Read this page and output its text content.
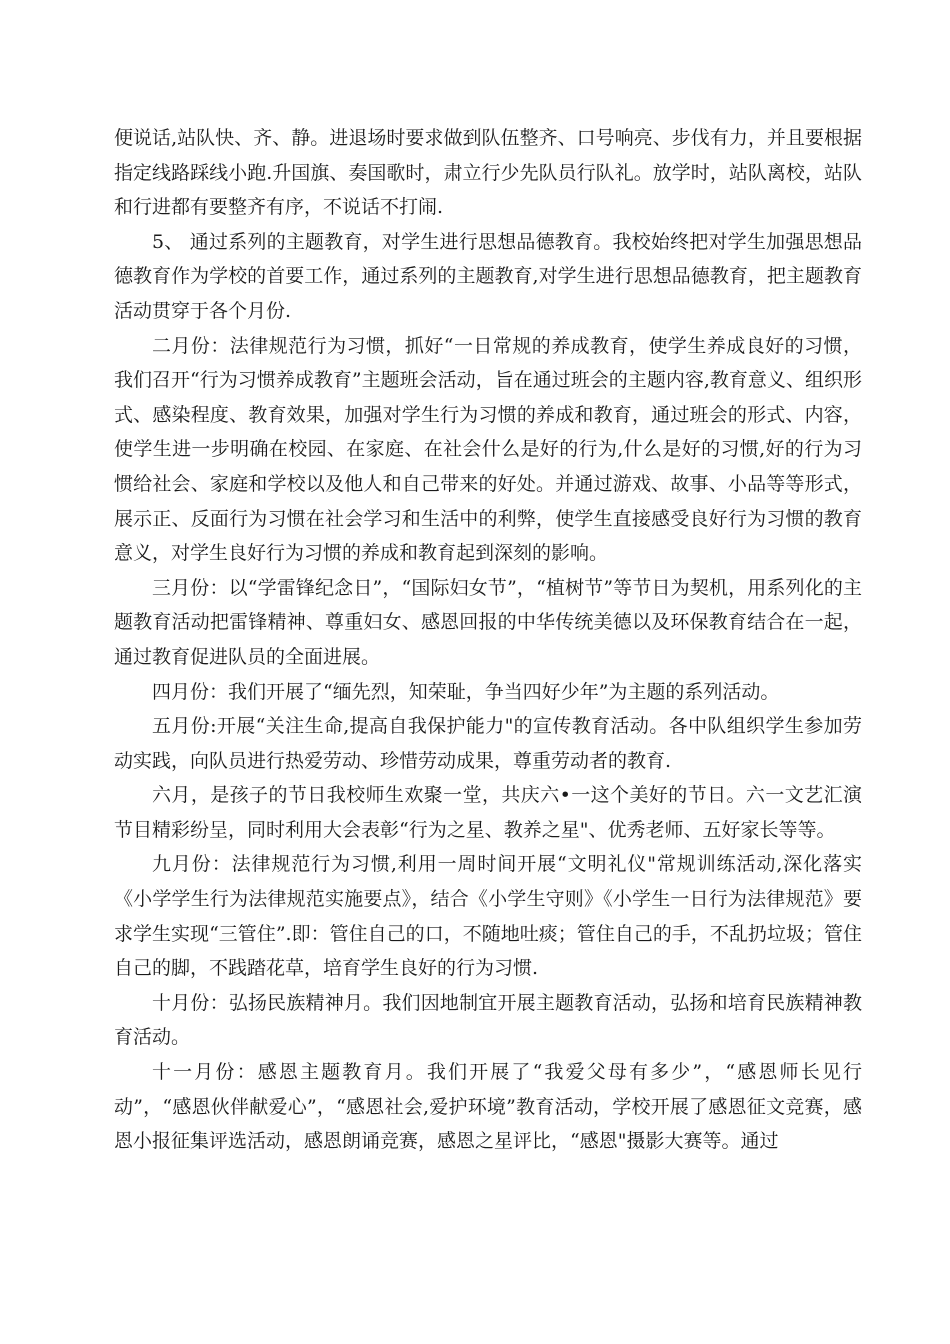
便说话,站队快、齐、静。进退场时要求做到队伍整齐、口号响亮、步伐有力，并且要根据指定线路踩线小跑.升国旗、奏国歌时，肃立行少先队员行队礼。放学时，站队离校，站队和行进都有要整齐有序，不说话不打闹.

5、 通过系列的主题教育，对学生进行思想品德教育。我校始终把对学生加强思想品德教育作为学校的首要工作，通过系列的主题教育,对学生进行思想品德教育，把主题教育活动贯穿于各个月份.

二月份：法律规范行为习惯，抓好“一日常规的养成教育，使学生养成良好的习惯，我们召开“行为习惯养成教育”主题班会活动，旨在通过班会的主题内容,教育意义、组织形式、感染程度、教育效果，加强对学生行为习惯的养成和教育，通过班会的形式、内容，使学生进一步明确在校园、在家庭、在社会什么是好的行为,什么是好的习惯,好的行为习惯给社会、家庭和学校以及他人和自己带来的好处。并通过游戏、故事、小品等等形式，展示正、反面行为习惯在社会学习和生活中的利弊，使学生直接感受良好行为习惯的教育意义，对学生良好行为习惯的养成和教育起到深刻的影响。

三月份：以“学雷锋纪念日”，“国际妇女节”，“植树节”等节日为契机，用系列化的主题教育活动把雷锋精神、尊重妇女、感恩回报的中华传统美德以及环保教育结合在一起，通过教育促进队员的全面进展。

四月份：我们开展了“缅先烈，知荣耻，争当四好少年”为主题的系列活动。

五月份:开展“关注生命,提高自我保护能力"的宣传教育活动。各中队组织学生参加劳动实践，向队员进行热爱劳动、珍惜劳动成果，尊重劳动者的教育.

六月，是孩子的节日我校师生欢聚一堂，共庆六•一这个美好的节日。六一文艺汇演节目精彩纷呈，同时利用大会表彰“行为之星、教养之星"、优秀老师、五好家长等等。

九月份：法律规范行为习惯,利用一周时间开展“文明礼仪"常规训练活动,深化落实《小学学生行为法律规范实施要点》，结合《小学生守则》《小学生一日行为法律规范》要求学生实现“三管住”.即：管住自己的口，不随地吐痰；管住自己的手，不乱扔垃圾；管住自己的脚，不践踏花草，培育学生良好的行为习惯.

十月份：弘扬民族精神月。我们因地制宜开展主题教育活动，弘扬和培育民族精神教育活动。

十一月份：感恩主题教育月。我们开展了“我爱父母有多少”，“感恩师长见行动”，“感恩伙伴献爱心”，“感恩社会,爱护环境”教育活动，学校开展了感恩征文竞赛，感恩小报征集评选活动，感恩朗诵竞赛，感恩之星评比，“感恩"摄影大赛等。通过
